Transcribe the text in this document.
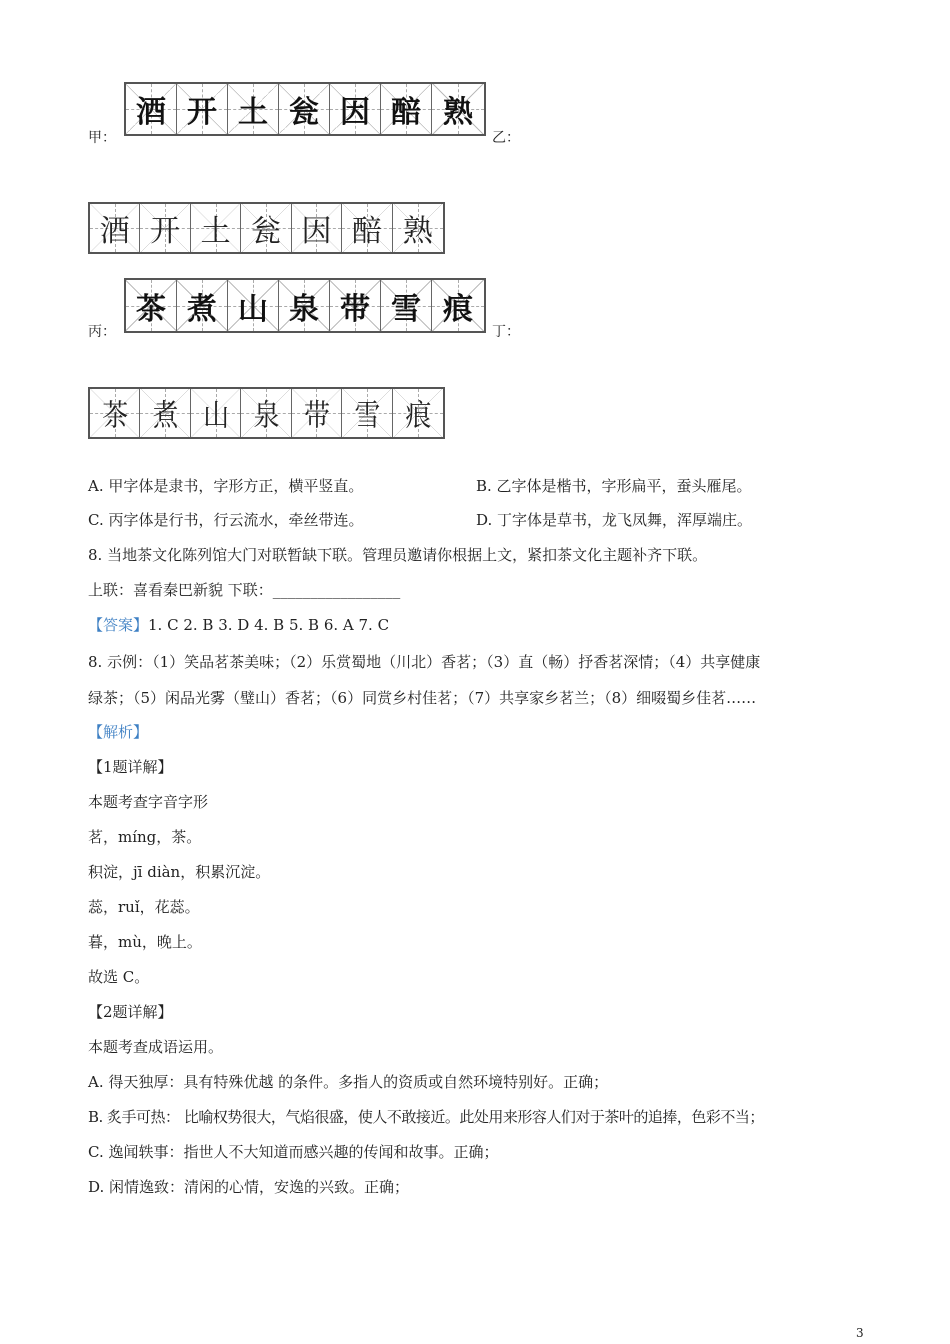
甲：
酒 开 土 瓮 因 醅 熟
乙：
酒 开 土 瓮 因 醅 熟
丙：
茶 煮 山 泉 带 雪 痕
丁：
茶 煮 山 泉 带 雪 痕
A. 甲字体是隶书，字形方正，横平竖直。	B. 乙字体是楷书，字形扁平，蚕头雁尾。
C. 丙字体是行书，行云流水，牵丝带连。	D. 丁字体是草书，龙飞凤舞，浑厚端庄。
8. 当地茶文化陈列馆大门对联暂缺下联。管理员邀请你根据上文，紧扣茶文化主题补齐下联。
上联：喜看秦巴新貌 下联：_________________
【答案】1. C 2. B 3. D 4. B 5. B 6. A 7. C
8. 示例：（1）笑品茗茶美味；（2）乐赏蜀地（川北）香茗；（3）直（畅）抒香茗深情；（4）共享健康
绿茶；（5）闲品光雾（璧山）香茗；（6）同赏乡村佳茗；（7）共享家乡茗兰；（8）细啜蜀乡佳茗……
【解析】
【1题详解】
本题考查字音字形
茗，míng，茶。
积淀，jī diàn，积累沉淀。
蕊，ruǐ，花蕊。
暮，mù，晚上。
故选 C。
【2题详解】
本题考查成语运用。
A. 得天独厚：具有特殊优越 的条件。多指人的资质或自然环境特别好。正确；
B. 炙手可热： 比喻权势很大，气焰很盛，使人不敢接近。此处用来形容人们对于茶叶的追捧，色彩不当；
C. 逸闻轶事：指世人不大知道而感兴趣的传闻和故事。正确；
D. 闲情逸致：清闲的心情，安逸的兴致。正确；
3
